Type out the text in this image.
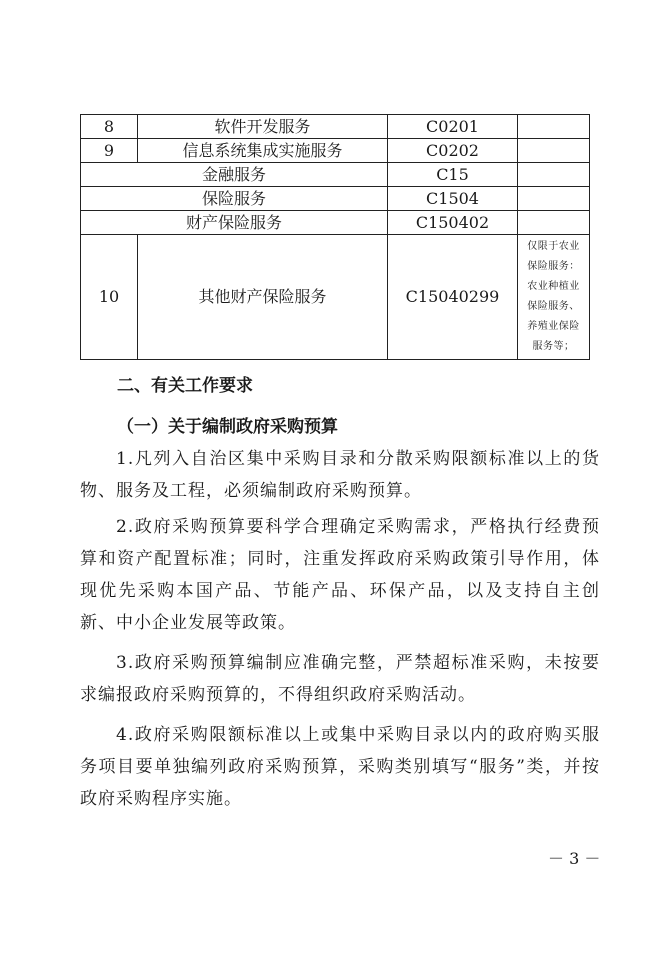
8	软件开发服务	C0201	
9	信息系统集成实施服务	C0202	
金融服务		C15	
保险服务		C1504	
财产保险服务		C150402	
10	其他财产保险服务	C15040299	仅限于农业保险服务：农业种植业保险服务、养殖业保险服务等；
二、有关工作要求
（一）关于编制政府采购预算

1.凡列入自治区集中采购目录和分散采购限额标准以上的货物、服务及工程，必须编制政府采购预算。

2.政府采购预算要科学合理确定采购需求，严格执行经费预算和资产配置标准；同时，注重发挥政府采购政策引导作用，体现优先采购本国产品、节能产品、环保产品，以及支持自主创新、中小企业发展等政策。

3.政府采购预算编制应准确完整，严禁超标准采购，未按要求编报政府采购预算的，不得组织政府采购活动。

4.政府采购限额标准以上或集中采购目录以内的政府购买服务项目要单独编列政府采购预算，采购类别填写“服务”类，并按政府采购程序实施。

－ 3 －
